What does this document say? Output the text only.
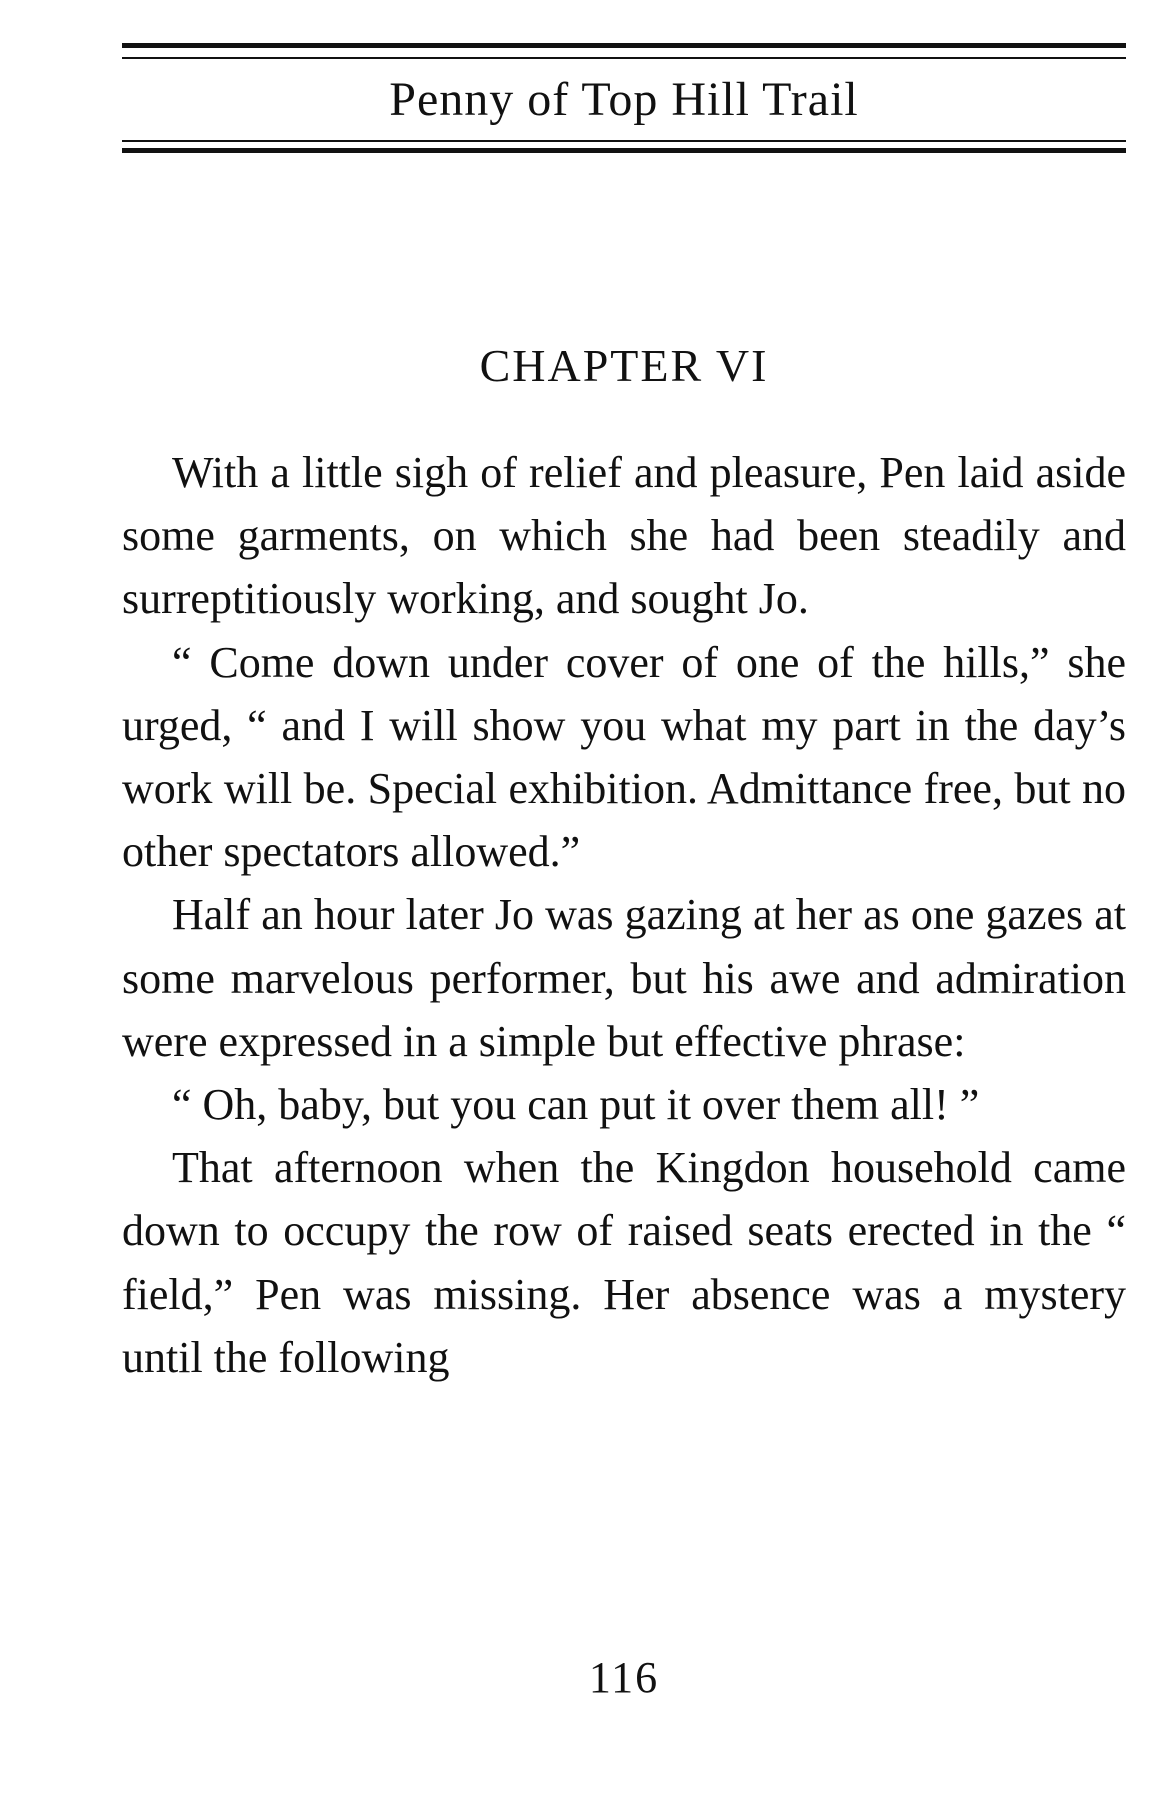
Penny of Top Hill Trail
CHAPTER VI

With a little sigh of relief and pleasure, Pen laid aside some garments, on which she had been steadily and surreptitiously working, and sought Jo.

“ Come down under cover of one of the hills,” she urged, “ and I will show you what my part in the day’s work will be. Special exhibition. Admittance free, but no other spectators allowed.”

Half an hour later Jo was gazing at her as one gazes at some marvelous performer, but his awe and admiration were expressed in a simple but effective phrase:

“ Oh, baby, but you can put it over them all! ”

That afternoon when the Kingdon household came down to occupy the row of raised seats erected in the “ field,” Pen was missing. Her absence was a mystery until the following

116
